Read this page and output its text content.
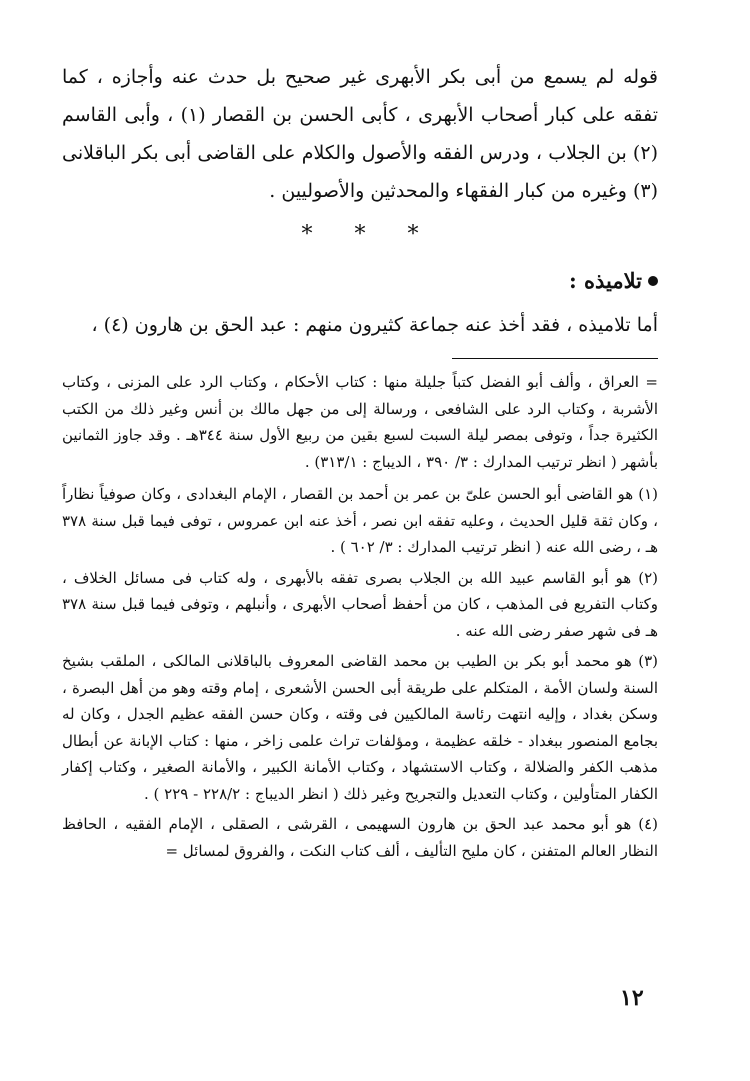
قوله لم يسمع من أبى بكر الأبهرى غير صحيح بل حدث عنه وأجازه ، كما تفقه على كبار أصحاب الأبهرى ، كأبى الحسن بن القصار (١) ، وأبى القاسم (٢) بن الجلاب ، ودرس الفقه والأصول والكلام على القاضى أبى بكر الباقلانى (٣) وغيره من كبار الفقهاء والمحدثين والأصوليين .

* * *
تلاميذه :

أما تلاميذه ، فقد أخذ عنه جماعة كثيرون منهم : عبد الحق بن هارون (٤) ،

= العراق ، وألف أبو الفضل كتباً جليلة منها : كتاب الأحكام ، وكتاب الرد على المزنى ، وكتاب الأشربة ، وكتاب الرد على الشافعى ، ورسالة إلى من جهل مالك بن أنس وغير ذلك من الكتب الكثيرة جداً ، وتوفى بمصر ليلة السبت لسبع بقين من ربيع الأول سنة ٣٤٤هـ . وقد جاوز الثمانين بأشهر ( انظر ترتيب المدارك : ٣/ ٣٩٠ ، الديباج : ٣١٣/١) .

(١) هو القاضى أبو الحسن علىّ بن عمر بن أحمد بن القصار ، الإمام البغدادى ، وكان صوفياً نظاراً ، وكان ثقة قليل الحديث ، وعليه تفقه ابن نصر ، أخذ عنه ابن عمروس ، توفى فيما قبل سنة ٣٧٨ هـ ، رضى الله عنه ( انظر ترتيب المدارك : ٣/ ٦٠٢ ) .

(٢) هو أبو القاسم عبيد الله بن الجلاب بصرى تفقه بالأبهرى ، وله كتاب فى مسائل الخلاف ، وكتاب التفريع فى المذهب ، كان من أحفظ أصحاب الأبهرى ، وأنبلهم ، وتوفى فيما قبل سنة ٣٧٨ هـ فى شهر صفر رضى الله عنه .

(٣) هو محمد أبو بكر بن الطيب بن محمد القاضى المعروف بالباقلانى المالكى ، الملقب بشيخ السنة ولسان الأمة ، المتكلم على طريقة أبى الحسن الأشعرى ، إمام وقته وهو من أهل البصرة ، وسكن بغداد ، وإليه انتهت رئاسة المالكيين فى وقته ، وكان حسن الفقه عظيم الجدل ، وكان له بجامع المنصور ببغداد - خلقه عظيمة ، ومؤلفات تراث علمى زاخر ، منها : كتاب الإبانة عن أبطال مذهب الكفر والضلالة ، وكتاب الاستشهاد ، وكتاب الأمانة الكبير ، والأمانة الصغير ، وكتاب إكفار الكفار المتأولين ، وكتاب التعديل والتجريح وغير ذلك ( انظر الديباج : ٢٢٨/٢ - ٢٢٩ ) .

(٤) هو أبو محمد عبد الحق بن هارون السهيمى ، القرشى ، الصقلى ، الإمام الفقيه ، الحافظ النظار العالم المتفنن ، كان مليح التأليف ، ألف كتاب النكت ، والفروق لمسائل =

١٢
